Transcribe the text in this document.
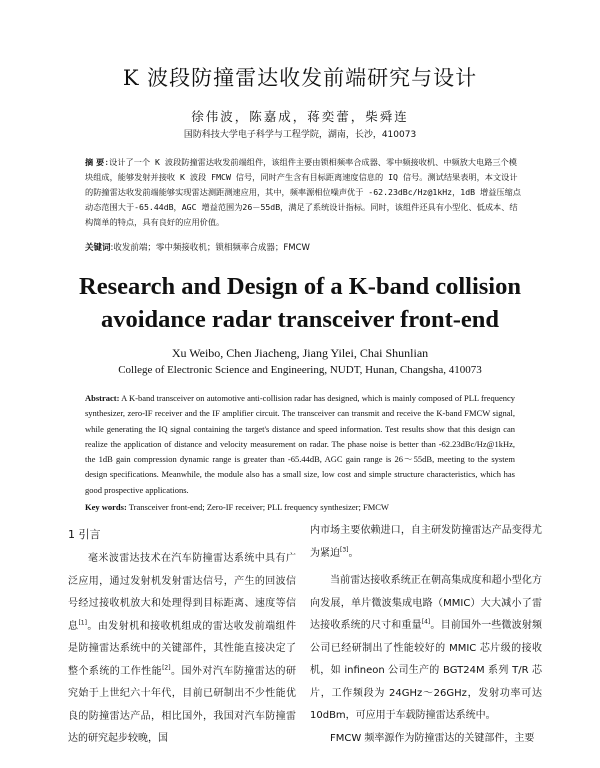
K 波段防撞雷达收发前端研究与设计
徐伟波，陈嘉成，蒋奕蕾，柴舜连
国防科技大学电子科学与工程学院，湖南，长沙，410073
摘 要:设计了一个 K 波段防撞雷达收发前端组件，该组件主要由锁相频率合成器、零中频接收机、中频放大电路三个模块组成，能够发射并接收 K 波段 FMCW 信号，同时产生含有目标距离速度信息的 IQ 信号。测试结果表明，本文设计的防撞雷达收发前端能够实现雷达测距测速应用，其中，频率源相位噪声优于 -62.23dBc/Hz@1kHz，1dB 增益压缩点动态范围大于-65.44dB，AGC 增益范围为26－55dB，满足了系统设计指标。同时，该组件还具有小型化、低成本、结构简单的特点，具有良好的应用价值。
关键词:收发前端；零中频接收机；锁相频率合成器；FMCW
Research and Design of a K-band collision
avoidance radar transceiver front-end
Xu Weibo, Chen Jiacheng, Jiang Yilei, Chai Shunlian
College of Electronic Science and Engineering, NUDT, Hunan, Changsha, 410073
Abstract: A K-band transceiver on automotive anti-collision radar has designed, which is mainly composed of PLL frequency synthesizer, zero-IF receiver and the IF amplifier circuit. The transceiver can transmit and receive the K-band FMCW signal, while generating the IQ signal containing the target's distance and speed information. Test results show that this design can realize the application of distance and velocity measurement on radar. The phase noise is better than -62.23dBc/Hz@1kHz, the 1dB gain compression dynamic range is greater than -65.44dB, AGC gain range is 26～55dB, meeting to the system design specifications. Meanwhile, the module also has a small size, low cost and simple structure characteristics, which has good prospective applications.
Key words: Transceiver front-end; Zero-IF receiver; PLL frequency synthesizer; FMCW
1 引言

毫米波雷达技术在汽车防撞雷达系统中具有广泛应用，通过发射机发射雷达信号，产生的回波信号经过接收机放大和处理得到目标距离、速度等信息[1]。由发射机和接收机组成的雷达收发前端组件是防撞雷达系统中的关键部件，其性能直接决定了整个系统的工作性能[2]。国外对汽车防撞雷达的研究始于上世纪六十年代，目前已研制出不少性能优良的防撞雷达产品，相比国外，我国对汽车防撞雷达的研究起步较晚，国

内市场主要依赖进口，自主研发防撞雷达产品变得尤为紧迫[3]。

当前雷达接收系统正在朝高集成度和超小型化方向发展，单片微波集成电路（MMIC）大大减小了雷达接收系统的尺寸和重量[4]。目前国外一些微波射频公司已经研制出了性能较好的 MMIC 芯片级的接收机，如 infineon 公司生产的 BGT24M 系列 T/R 芯片，工作频段为 24GHz～26GHz，发射功率可达 10dBm，可应用于车载防撞雷达系统中。

FMCW 频率源作为防撞雷达的关键部件，主要
